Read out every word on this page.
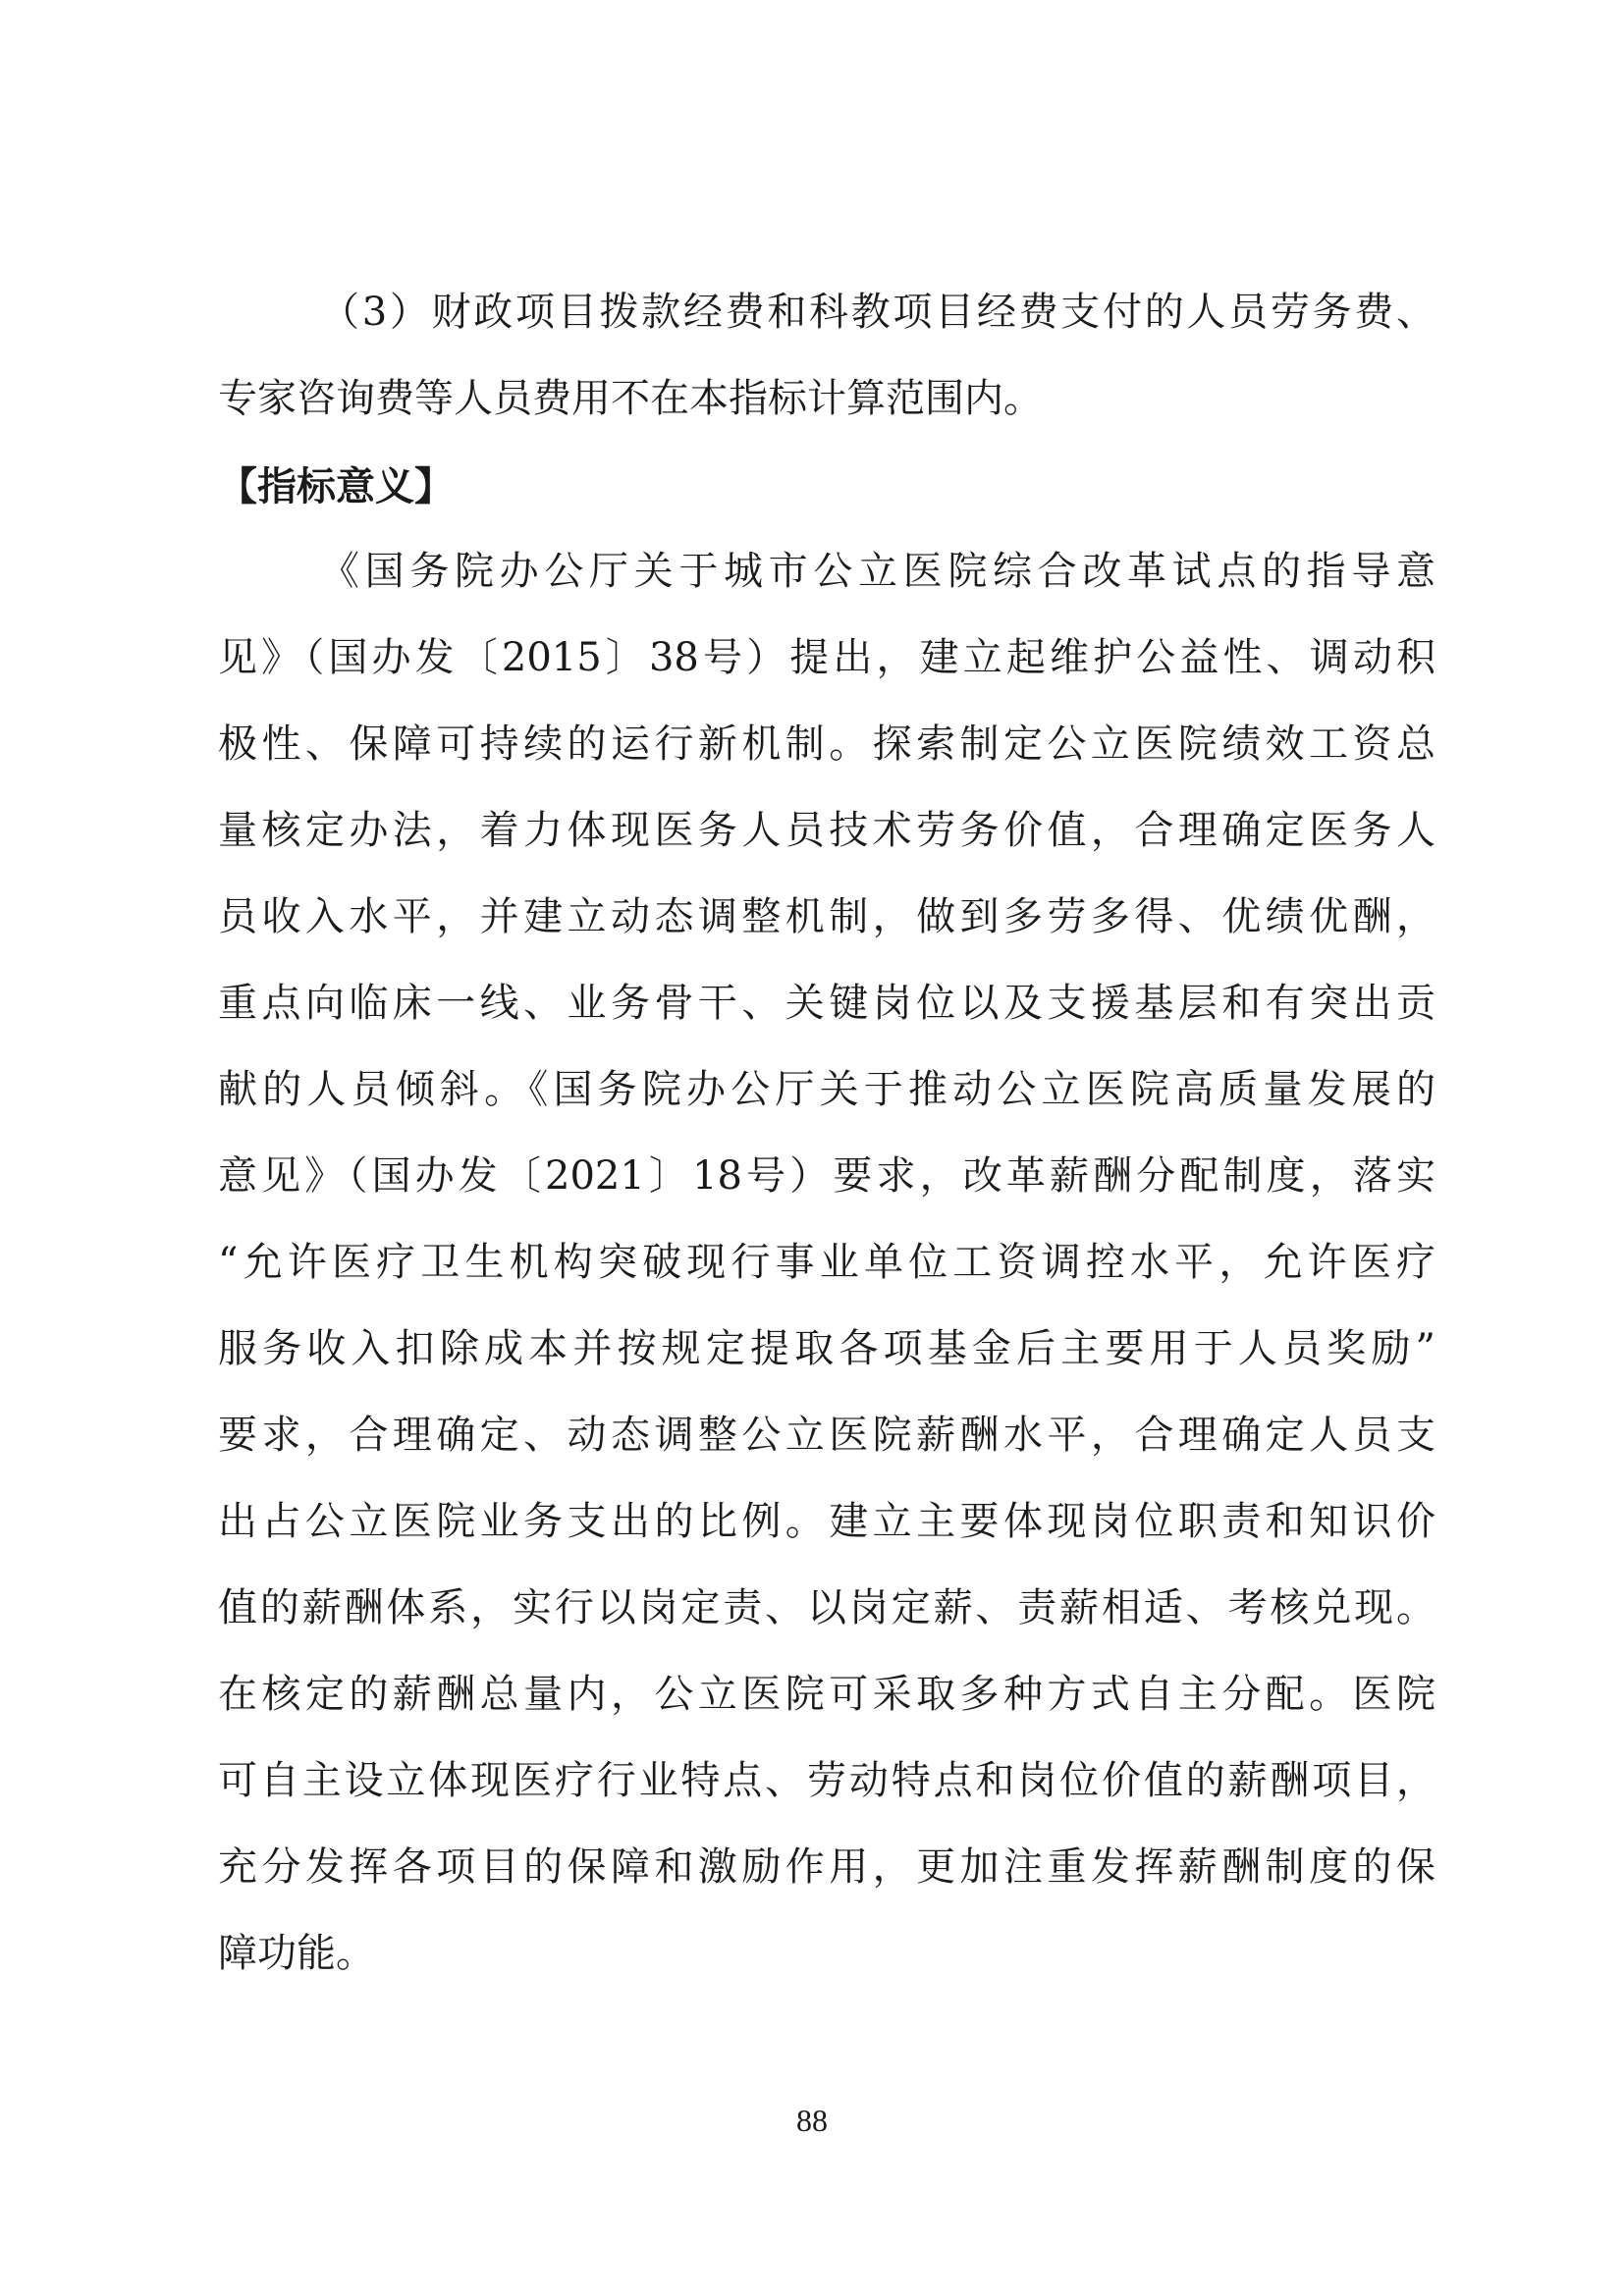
（3）财政项目拨款经费和科教项目经费支付的人员劳务费、
专家咨询费等人员费用不在本指标计算范围内。
【指标意义】
《国务院办公厅关于城市公立医院综合改革试点的指导意
见》（国办发〔2015〕38号）提出，建立起维护公益性、调动积
极性、保障可持续的运行新机制。探索制定公立医院绩效工资总
量核定办法，着力体现医务人员技术劳务价值，合理确定医务人
员收入水平，并建立动态调整机制，做到多劳多得、优绩优酬，
重点向临床一线、业务骨干、关键岗位以及支援基层和有突出贡
献的人员倾斜。《国务院办公厅关于推动公立医院高质量发展的
意见》（国办发〔2021〕18号）要求，改革薪酬分配制度，落实
“允许医疗卫生机构突破现行事业单位工资调控水平，允许医疗
服务收入扣除成本并按规定提取各项基金后主要用于人员奖励”
要求，合理确定、动态调整公立医院薪酬水平，合理确定人员支
出占公立医院业务支出的比例。建立主要体现岗位职责和知识价
值的薪酬体系，实行以岗定责、以岗定薪、责薪相适、考核兑现。
在核定的薪酬总量内，公立医院可采取多种方式自主分配。医院
可自主设立体现医疗行业特点、劳动特点和岗位价值的薪酬项目，
充分发挥各项目的保障和激励作用，更加注重发挥薪酬制度的保
障功能。
88
